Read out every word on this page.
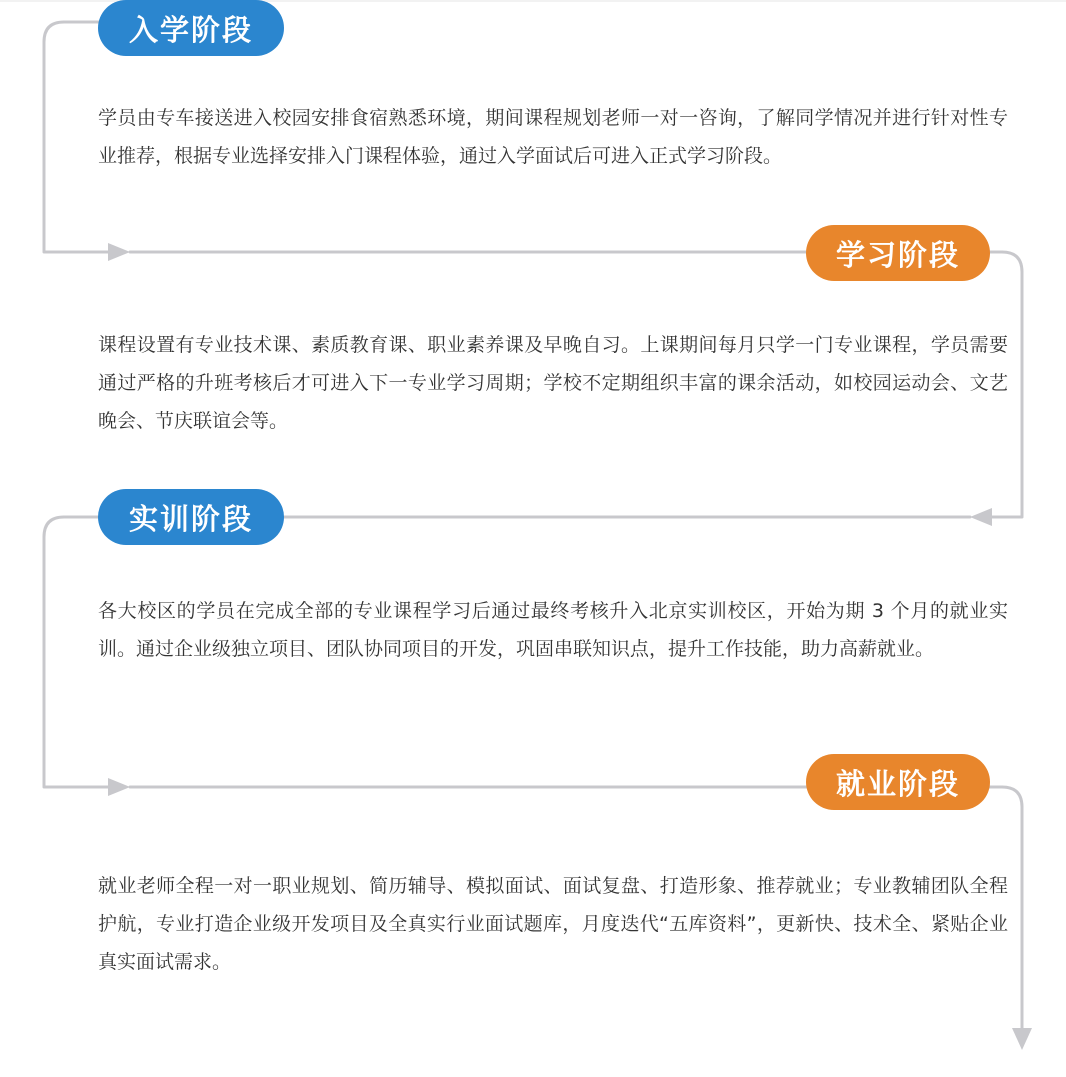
入学阶段

学员由专车接送进入校园安排食宿熟悉环境，期间课程规划老师一对一咨询，了解同学情况并进行针对性专业推荐，根据专业选择安排入门课程体验，通过入学面试后可进入正式学习阶段。

学习阶段

课程设置有专业技术课、素质教育课、职业素养课及早晚自习。上课期间每月只学一门专业课程，学员需要通过严格的升班考核后才可进入下一专业学习周期；学校不定期组织丰富的课余活动，如校园运动会、文艺晚会、节庆联谊会等。

实训阶段

各大校区的学员在完成全部的专业课程学习后通过最终考核升入北京实训校区，开始为期 3 个月的就业实训。通过企业级独立项目、团队协同项目的开发，巩固串联知识点，提升工作技能，助力高薪就业。

就业阶段

就业老师全程一对一职业规划、简历辅导、模拟面试、面试复盘、打造形象、推荐就业；专业教辅团队全程护航，专业打造企业级开发项目及全真实行业面试题库，月度迭代“五库资料”，更新快、技术全、紧贴企业真实面试需求。
